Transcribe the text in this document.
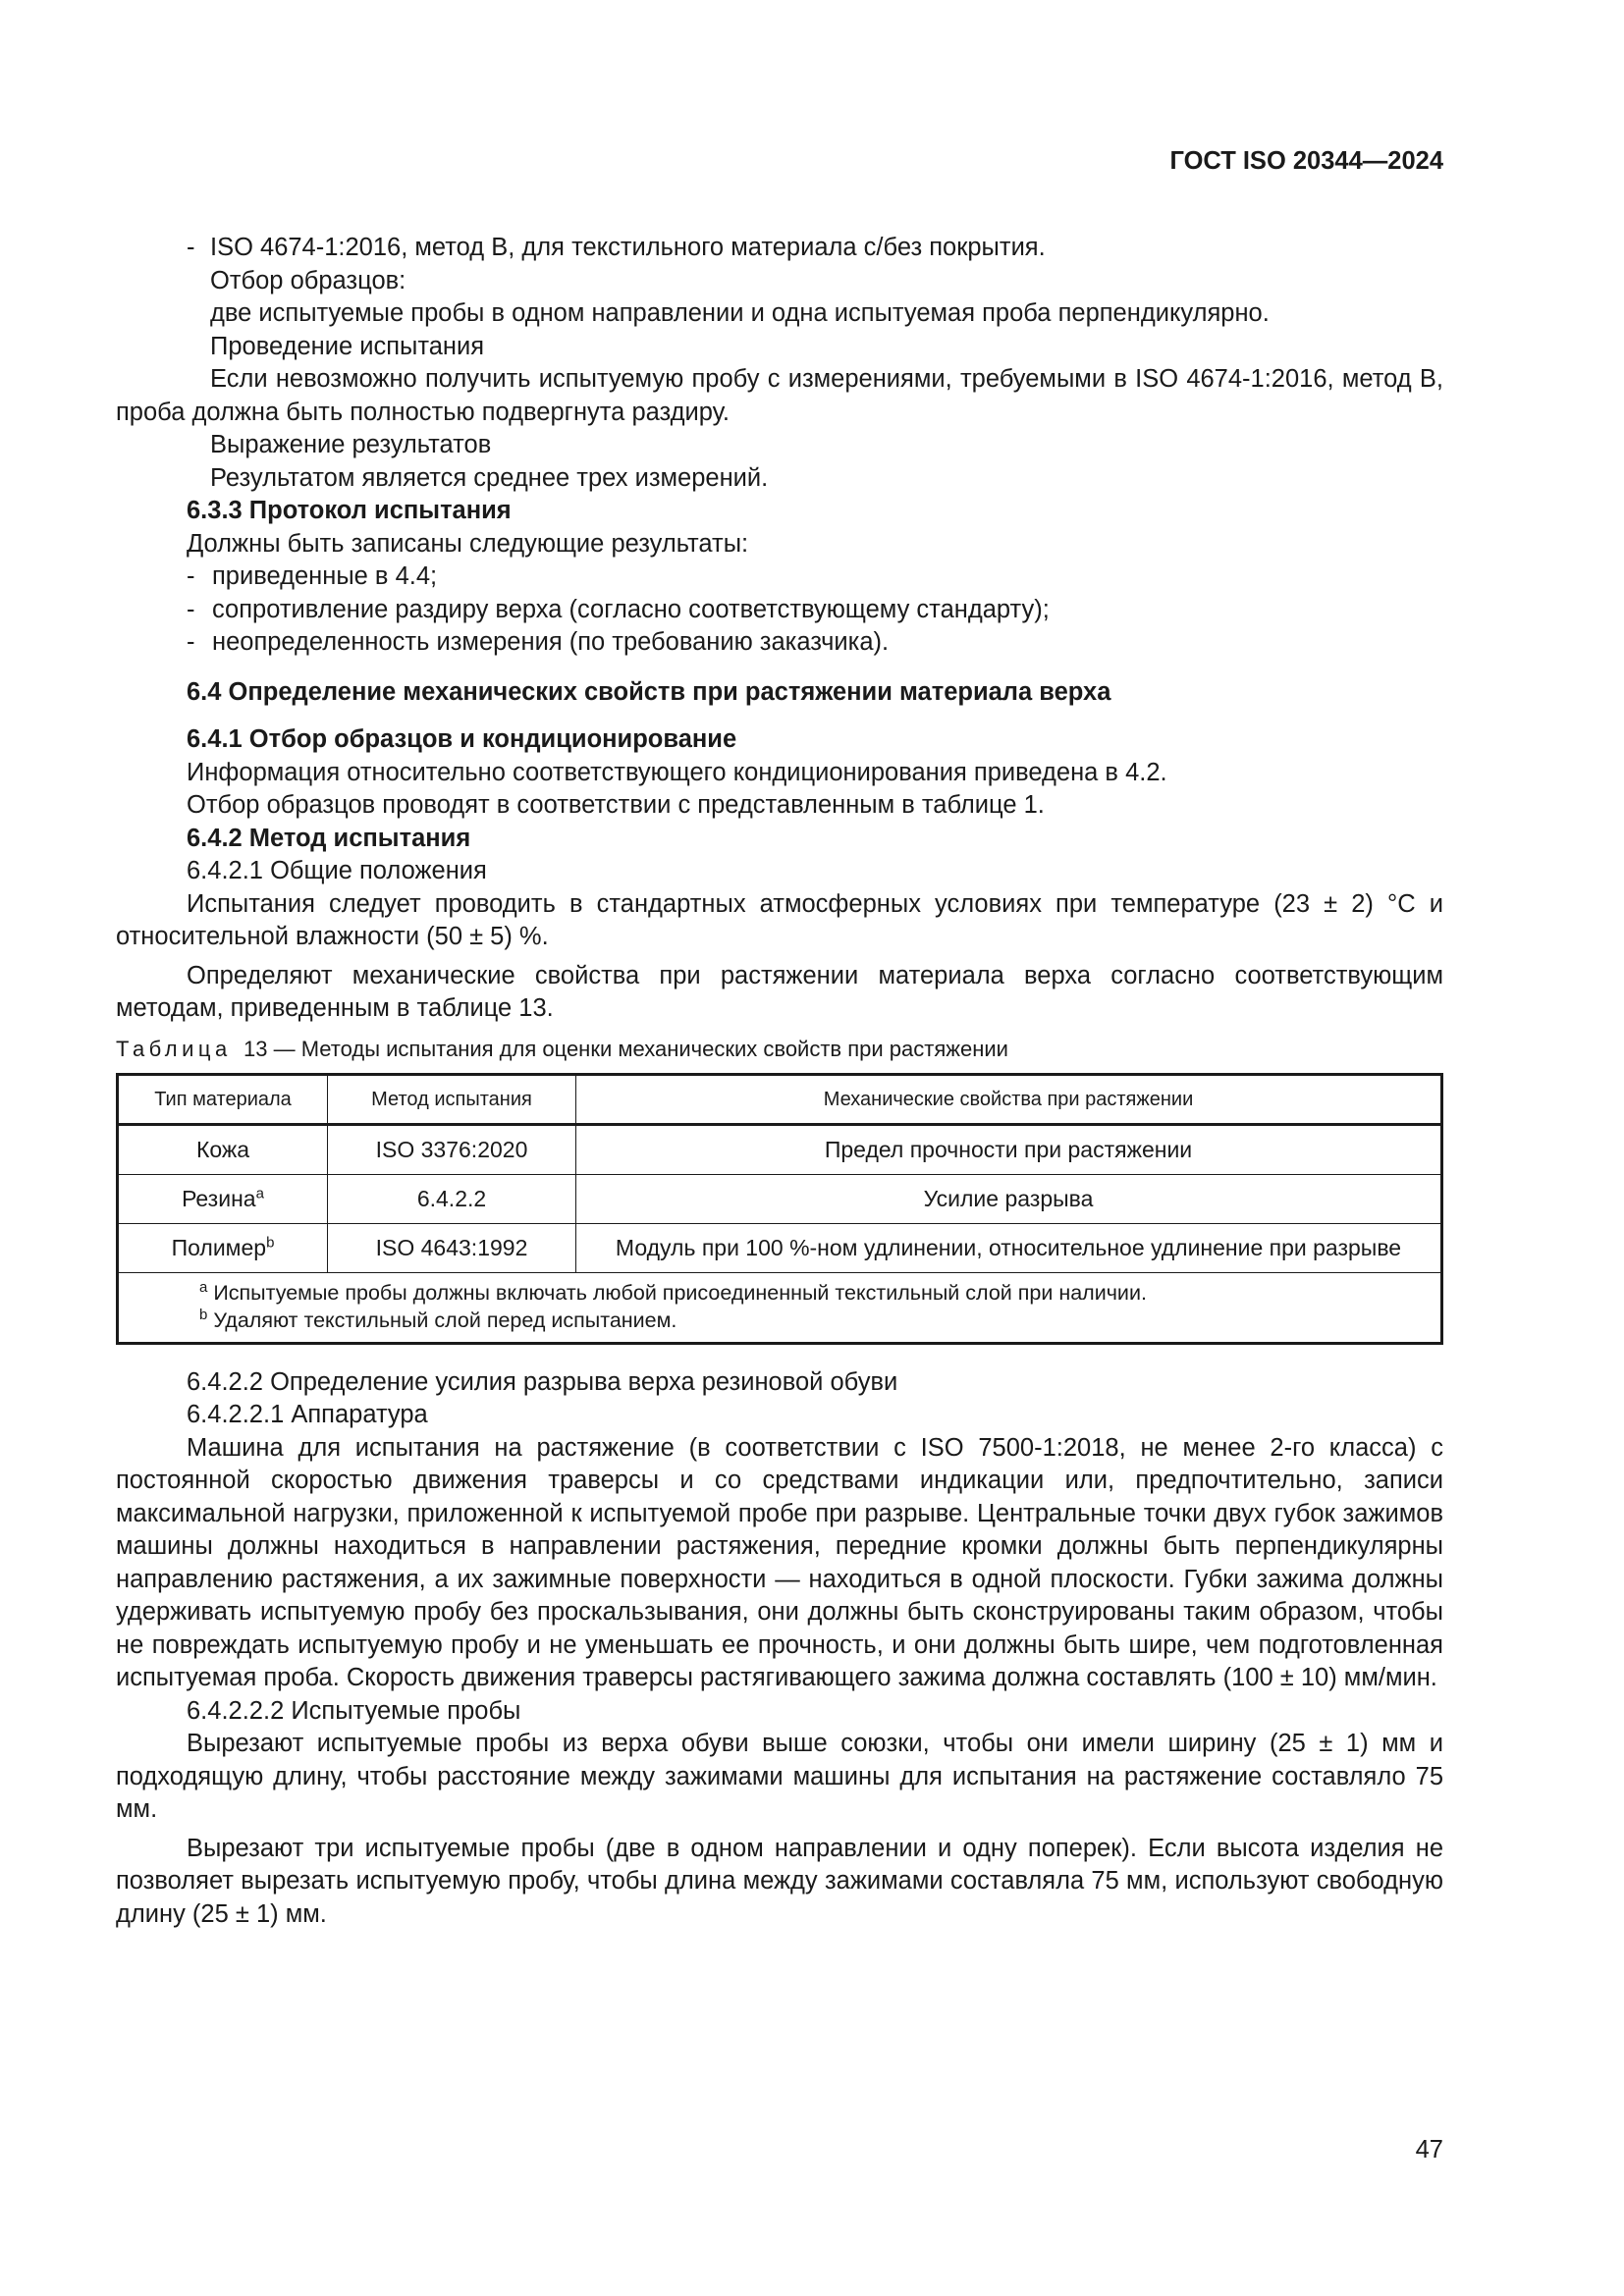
ГОСТ ISO 20344—2024

- ISO 4674-1:2016, метод В, для текстильного материала с/без покрытия.

Отбор образцов:

две испытуемые пробы в одном направлении и одна испытуемая проба перпендикулярно.

Проведение испытания

Если невозможно получить испытуемую пробу с измерениями, требуемыми в ISO 4674-1:2016, метод В, проба должна быть полностью подвергнута раздиру.

Выражение результатов

Результатом является среднее трех измерений.

6.3.3 Протокол испытания

Должны быть записаны следующие результаты:

- приведенные в 4.4;

- сопротивление раздиру верха (согласно соответствующему стандарту);

- неопределенность измерения (по требованию заказчика).

6.4 Определение механических свойств при растяжении материала верха

6.4.1 Отбор образцов и кондиционирование

Информация относительно соответствующего кондиционирования приведена в 4.2.

Отбор образцов проводят в соответствии с представленным в таблице 1.

6.4.2 Метод испытания

6.4.2.1 Общие положения

Испытания следует проводить в стандартных атмосферных условиях при температуре (23 ± 2) °С и относительной влажности (50 ± 5) %.

Определяют механические свойства при растяжении материала верха согласно соответствующим методам, приведенным в таблице 13.

Таблица 13 — Методы испытания для оценки механических свойств при растяжении
Тип материала	Метод испытания	Механические свойства при растяжении
Кожа	ISO 3376:2020	Предел прочности при растяжении
Резина$^a$	6.4.2.2	Усилие разрыва
Полимер$^b$	ISO 4643:1992	Модуль при 100 %-ном удлинении, относительное удлинение при разрыве

$^a$ Испытуемые пробы должны включать любой присоединенный текстильный слой при наличии.
$^b$ Удаляют текстильный слой перед испытанием.		

6.4.2.2 Определение усилия разрыва верха резиновой обуви

6.4.2.2.1 Аппаратура

Машина для испытания на растяжение (в соответствии с ISO 7500-1:2018, не менее 2-го класса) с постоянной скоростью движения траверсы и со средствами индикации или, предпочтительно, записи максимальной нагрузки, приложенной к испытуемой пробе при разрыве. Центральные точки двух губок зажимов машины должны находиться в направлении растяжения, передние кромки должны быть перпендикулярны направлению растяжения, а их зажимные поверхности — находиться в одной плоскости. Губки зажима должны удерживать испытуемую пробу без проскальзывания, они должны быть сконструированы таким образом, чтобы не повреждать испытуемую пробу и не уменьшать ее прочность, и они должны быть шире, чем подготовленная испытуемая проба. Скорость движения траверсы растягивающего зажима должна составлять (100 ± 10) мм/мин.

6.4.2.2.2 Испытуемые пробы

Вырезают испытуемые пробы из верха обуви выше союзки, чтобы они имели ширину (25 ± 1) мм и подходящую длину, чтобы расстояние между зажимами машины для испытания на растяжение составляло 75 мм.

Вырезают три испытуемые пробы (две в одном направлении и одну поперек). Если высота изделия не позволяет вырезать испытуемую пробу, чтобы длина между зажимами составляла 75 мм, используют свободную длину (25 ± 1) мм.

47
